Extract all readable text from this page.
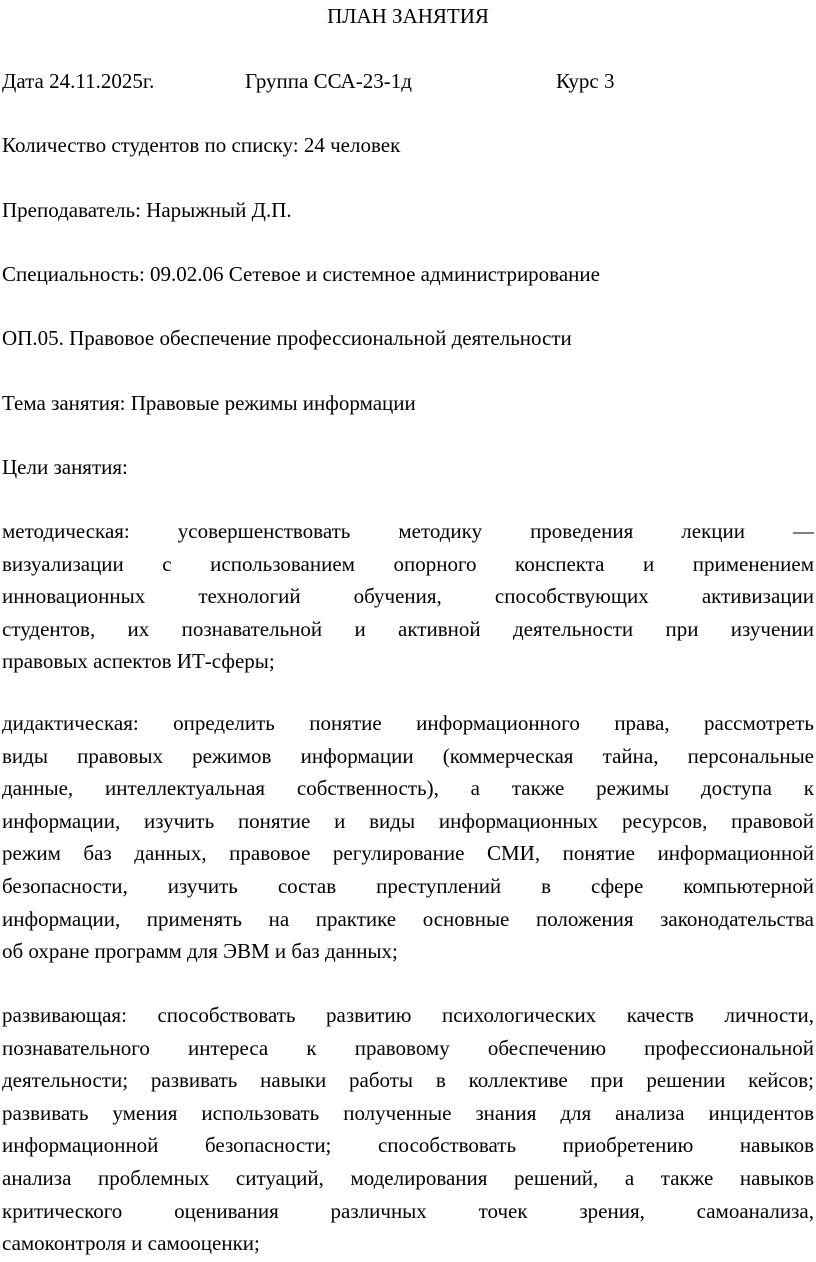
ПЛАН ЗАНЯТИЯ

Дата 24.11.2025г.	Группа ССА-23-1д	Курс 3

Количество студентов по списку: 24 человек

Преподаватель: Нарыжный Д.П.

Специальность: 09.02.06 Сетевое и системное администрирование

ОП.05. Правовое обеспечение профессиональной деятельности

Тема занятия: Правовые режимы информации

Цели занятия:

методическая: усовершенствовать методику проведения лекции —
визуализации с использованием опорного конспекта и применением
инновационных технологий обучения, способствующих активизации
студентов, их познавательной и активной деятельности при изучении
правовых аспектов ИТ-сферы;
дидактическая: определить понятие информационного права, рассмотреть
виды правовых режимов информации (коммерческая тайна, персональные
данные, интеллектуальная собственность), а также режимы доступа к
информации, изучить понятие и виды информационных ресурсов, правовой
режим баз данных, правовое регулирование СМИ, понятие информационной
безопасности, изучить состав преступлений в сфере компьютерной
информации, применять на практике основные положения законодательства
об охране программ для ЭВМ и баз данных;
развивающая: способствовать развитию психологических качеств личности,
познавательного интереса к правовому обеспечению профессиональной
деятельности; развивать навыки работы в коллективе при решении кейсов;
развивать умения использовать полученные знания для анализа инцидентов
информационной безопасности; способствовать приобретению навыков
анализа проблемных ситуаций, моделирования решений, а также навыков
критического оценивания различных точек зрения, самоанализа,
самоконтроля и самооценки;
